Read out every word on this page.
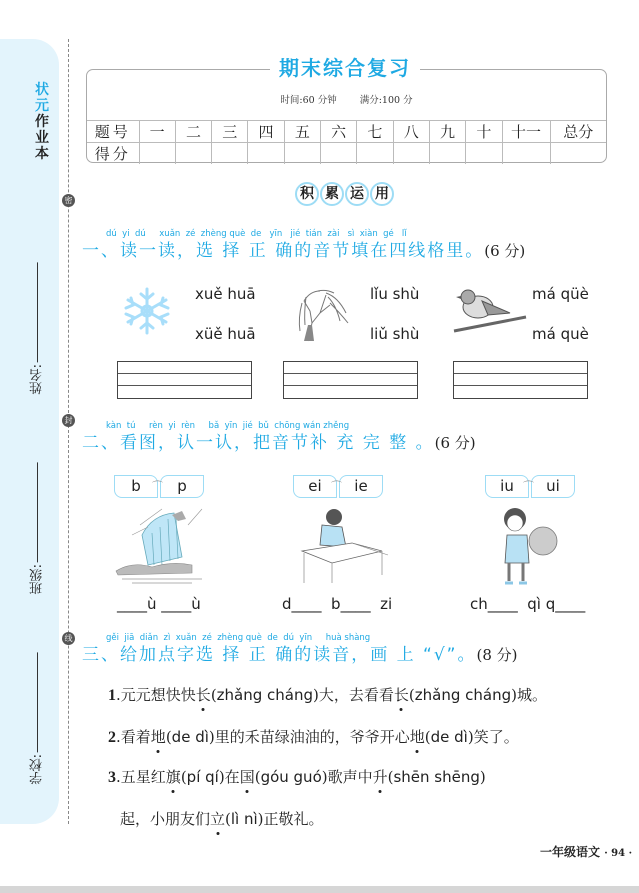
状元
作业本
姓名:
班级:
学校:
密
封
线
期末综合复习
时间:60 分钟 满分:100 分
题号	一	二	三	四	五	六	七	八	九	十	十一	总分
得分												
积 累 运 用
dú  yi  dú     xuǎn  zé  zhèng què  de   yīn   jié  tián  zài   sì  xiàn  gé   lǐ
一、读一读，选 择 正 确的音节填在四线格里。(6 分)
xuě huā
xüě huā
lǐu shù
liǔ shù
má qüè
má què
kàn  tú     rèn  yi  rèn     bǎ  yīn  jié  bǔ  chōng wán zhěng
二、看图，认一认，把音节补 充 完 整 。(6 分)
b	⌒ p	ei ⌒ ie	iu ⌒ ui
____ù ____ù	d____  b____  zi	ch____  qì q____
gěi  jiā  diǎn  zì  xuǎn  zé  zhèng què  de  dú  yīn     huà shàng
三、给加点字选 择 正 确的读音，画 上 “√”。(8 分)
1.元元想快快长(zhǎng cháng)大，去看看长(zhǎng cháng)城。
2.看着地(de dì)里的禾苗绿油油的，爷爷开心地(de dì)笑了。
3.五星红旗(pí qí)在国(góu guó)歌声中升(shēn shēng)
起，小朋友们立(lì nì)正敬礼。
一年级语文 · 94 ·
